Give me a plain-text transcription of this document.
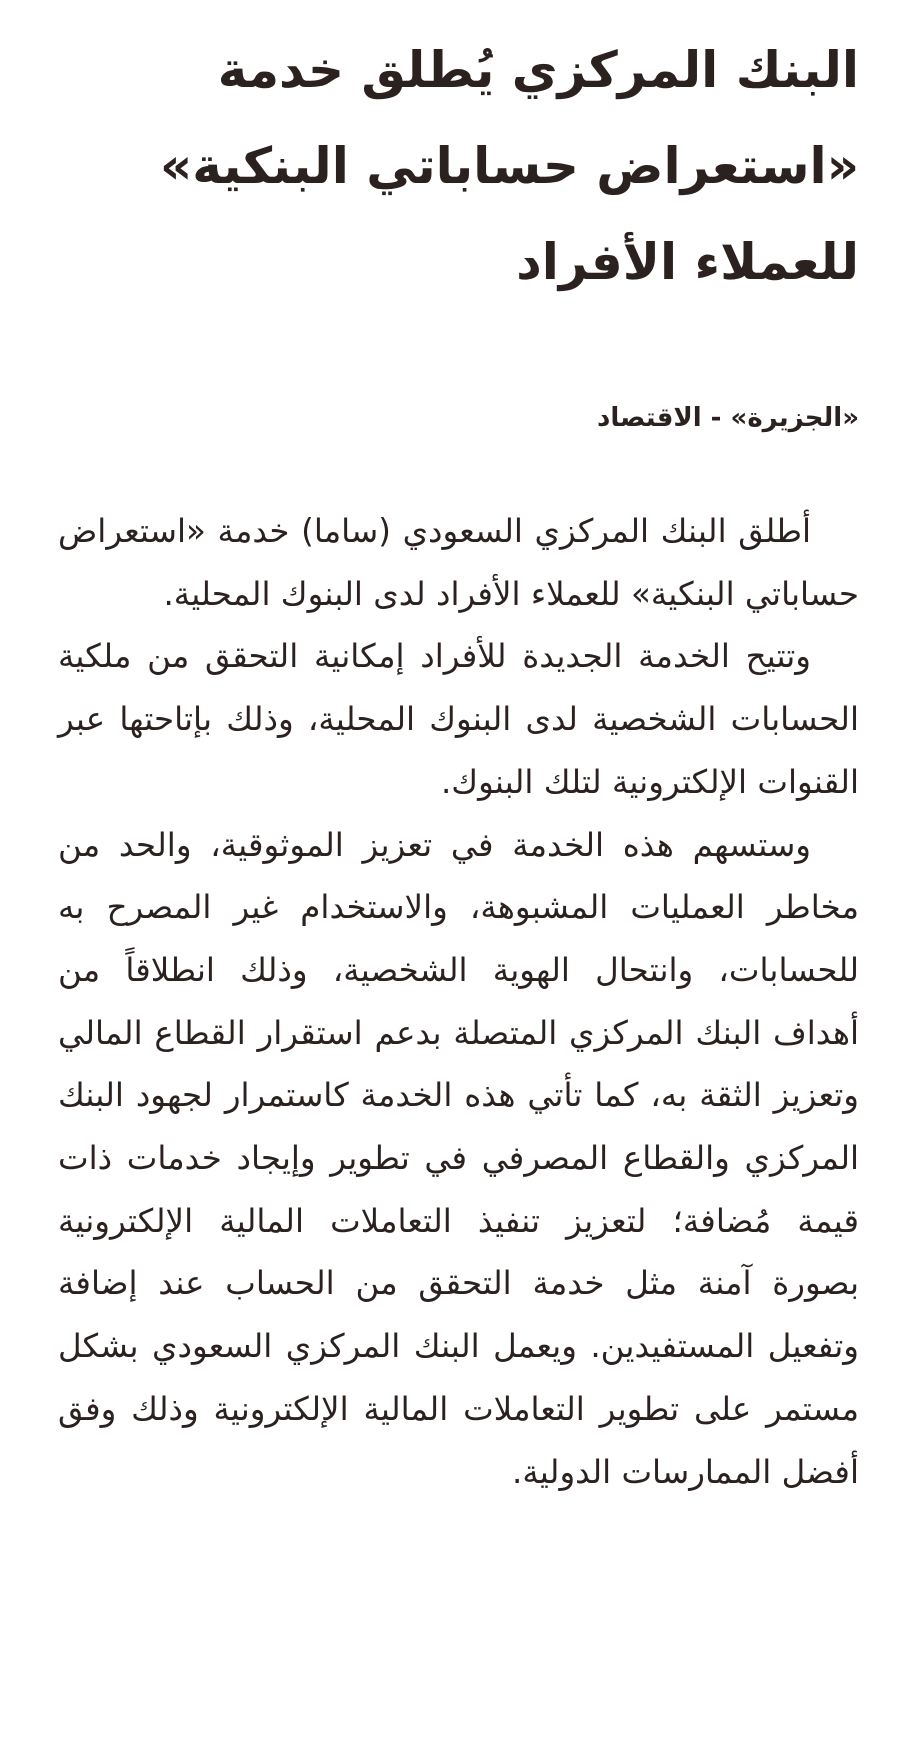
البنك المركزي يُطلق خدمة «استعراض حساباتي البنكية» للعملاء الأفراد
«الجزيرة» - الاقتصاد

أطلق البنك المركزي السعودي (ساما) خدمة «استعراض حساباتي البنكية» للعملاء الأفراد لدى البنوك المحلية.

وتتيح الخدمة الجديدة للأفراد إمكانية التحقق من ملكية الحسابات الشخصية لدى البنوك المحلية، وذلك بإتاحتها عبر القنوات الإلكترونية لتلك البنوك.

وستسهم هذه الخدمة في تعزيز الموثوقية، والحد من مخاطر العمليات المشبوهة، والاستخدام غير المصرح به للحسابات، وانتحال الهوية الشخصية، وذلك انطلاقاً من أهداف البنك المركزي المتصلة بدعم استقرار القطاع المالي وتعزيز الثقة به، كما تأتي هذه الخدمة كاستمرار لجهود البنك المركزي والقطاع المصرفي في تطوير وإيجاد خدمات ذات قيمة مُضافة؛ لتعزيز تنفيذ التعاملات المالية الإلكترونية بصورة آمنة مثل خدمة التحقق من الحساب عند إضافة وتفعيل المستفيدين. ويعمل البنك المركزي السعودي بشكل مستمر على تطوير التعاملات المالية الإلكترونية وذلك وفق أفضل الممارسات الدولية.
